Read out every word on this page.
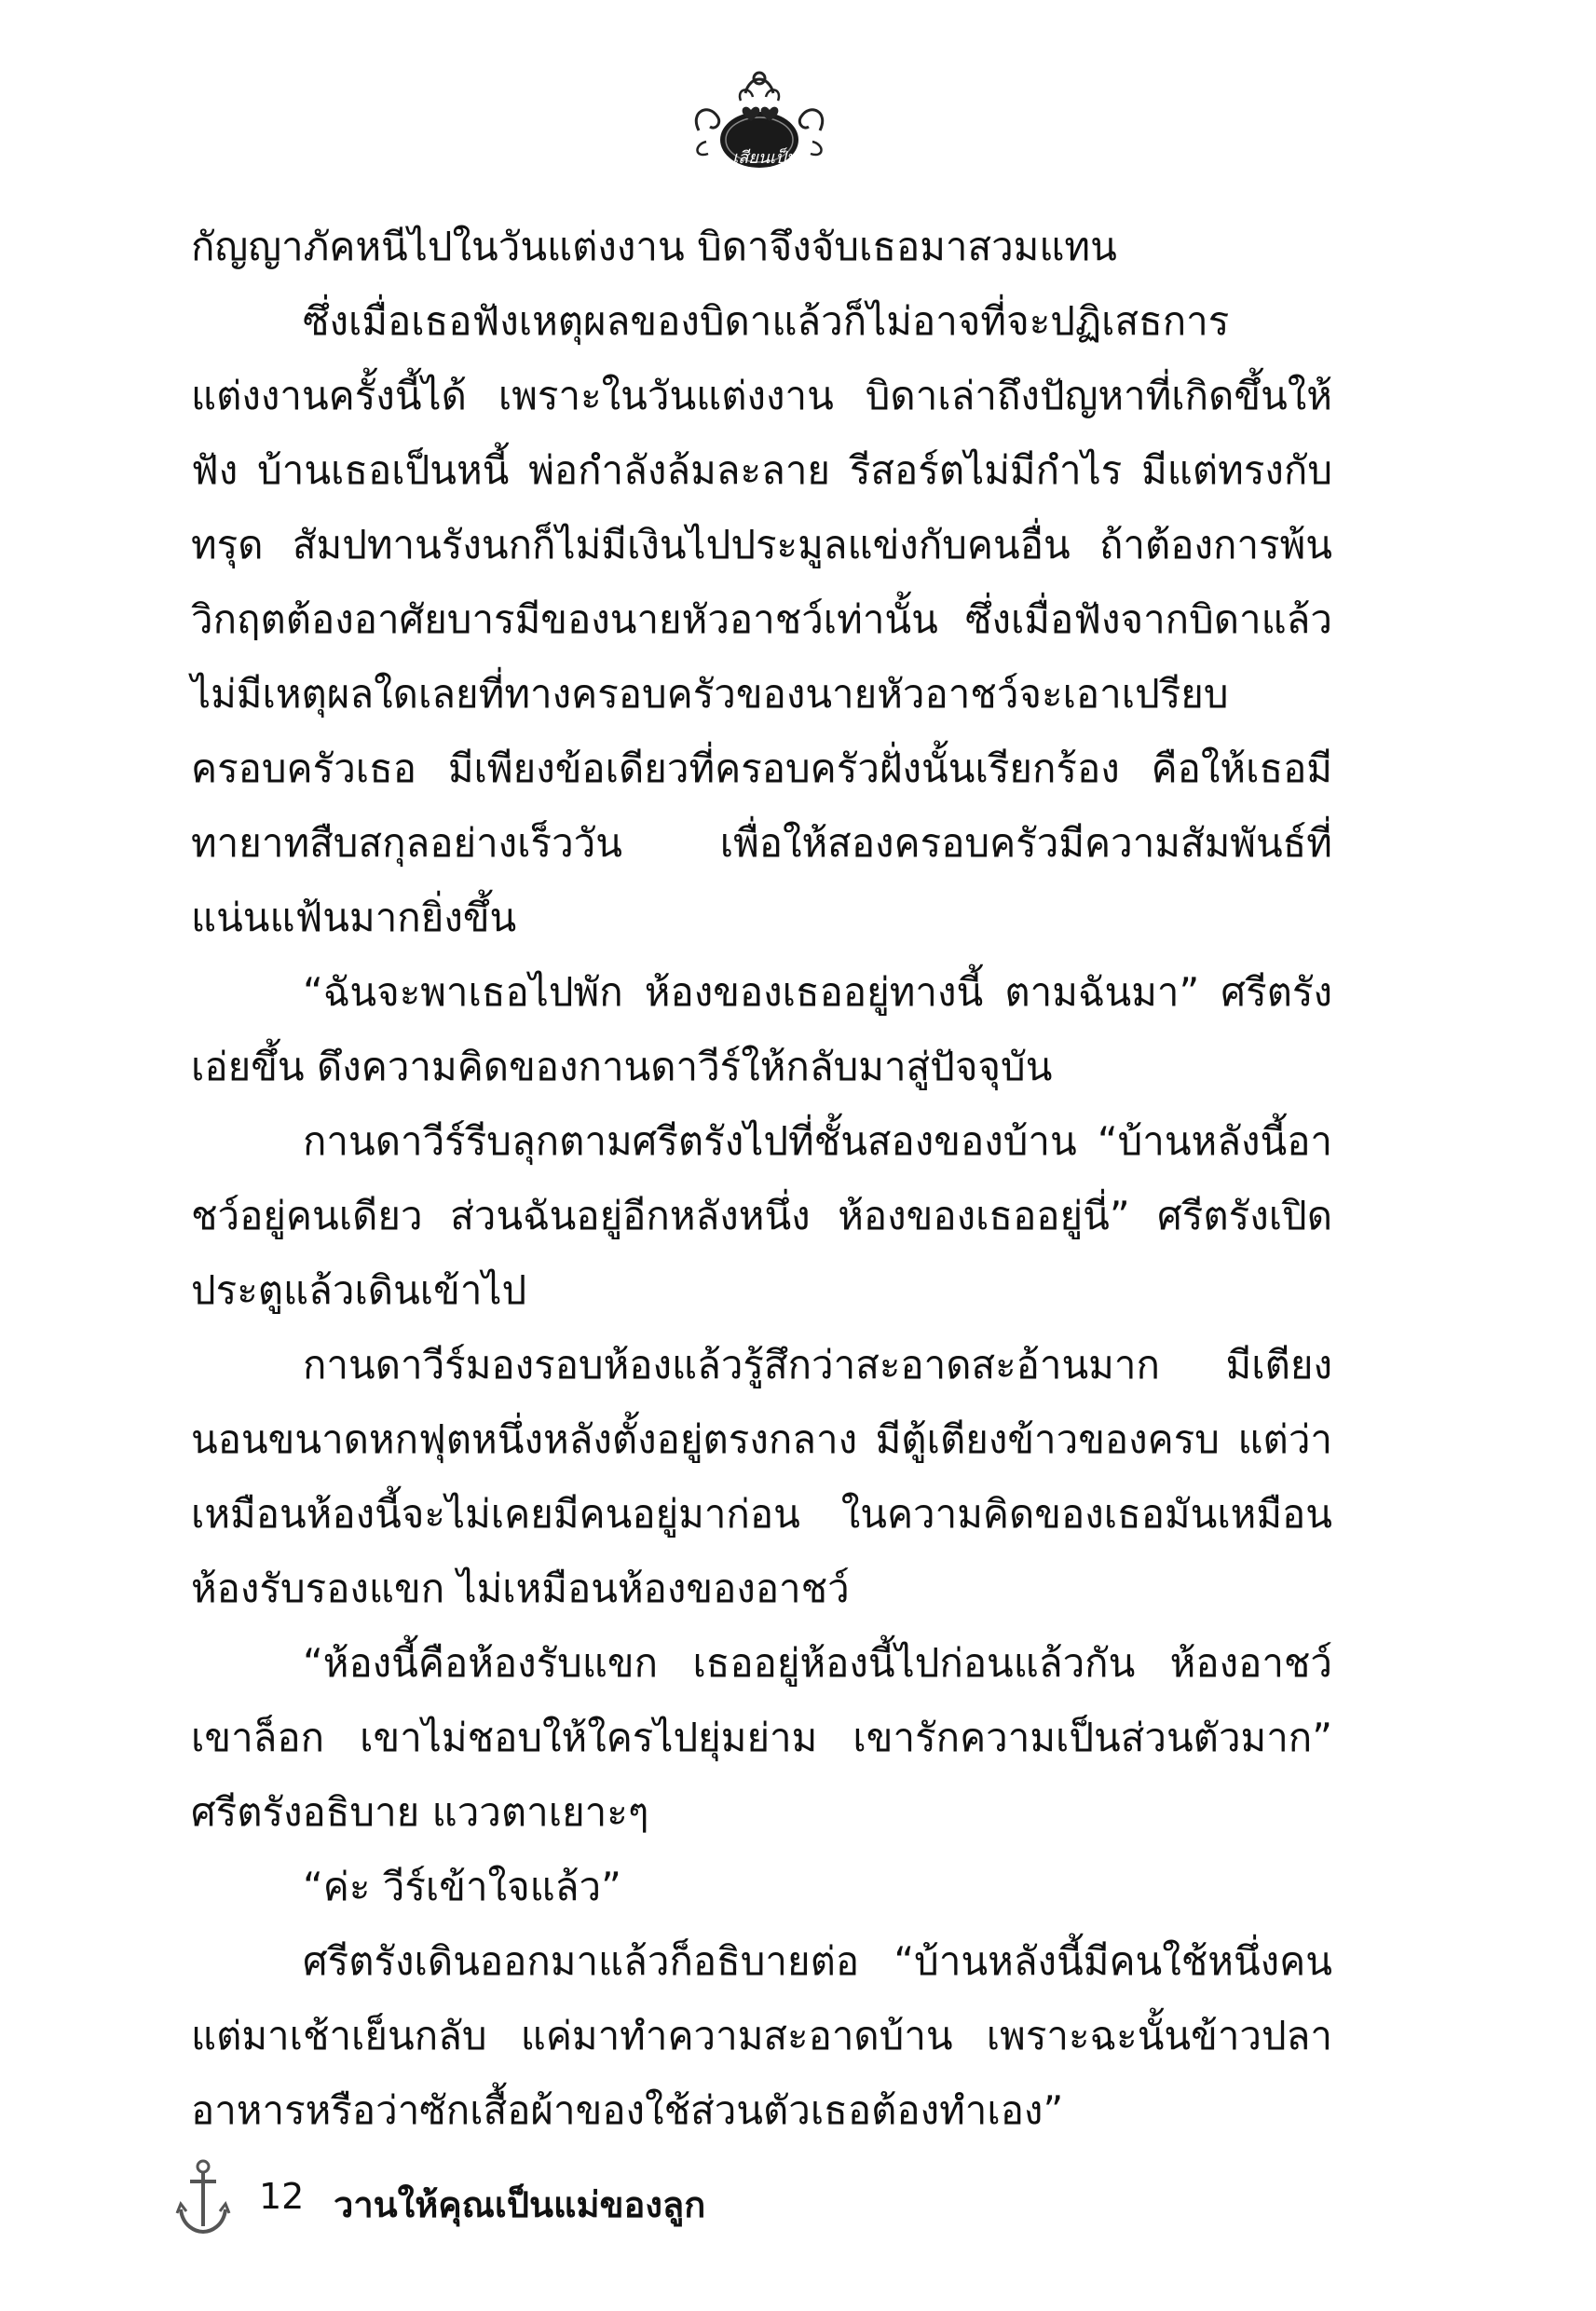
เสียนเป็น

กัญญาภัคหนีไปในวันแต่งงาน บิดาจึงจับเธอมาสวมแทน

ซึ่งเมื่อเธอฟังเหตุผลของบิดาแล้วก็ไม่อาจที่จะปฏิเสธการแต่งงานครั้งนี้ได้ เพราะในวันแต่งงาน บิดาเล่าถึงปัญหาที่เกิดขึ้นให้ฟัง บ้านเธอเป็นหนี้ พ่อกำลังล้มละลาย รีสอร์ตไม่มีกำไร มีแต่ทรงกับทรุด สัมปทานรังนกก็ไม่มีเงินไปประมูลแข่งกับคนอื่น ถ้าต้องการพ้นวิกฤตต้องอาศัยบารมีของนายหัวอาชว์เท่านั้น ซึ่งเมื่อฟังจากบิดาแล้ว ไม่มีเหตุผลใดเลยที่ทางครอบครัวของนายหัวอาชว์จะเอาเปรียบครอบครัวเธอ มีเพียงข้อเดียวที่ครอบครัวฝั่งนั้นเรียกร้อง คือให้เธอมีทายาทสืบสกุลอย่างเร็ววัน เพื่อให้สองครอบครัวมีความสัมพันธ์ที่แน่นแฟ้นมากยิ่งขึ้น

“ฉันจะพาเธอไปพัก ห้องของเธออยู่ทางนี้ ตามฉันมา” ศรีตรังเอ่ยขึ้น ดึงความคิดของกานดาวีร์ให้กลับมาสู่ปัจจุบัน

กานดาวีร์รีบลุกตามศรีตรังไปที่ชั้นสองของบ้าน “บ้านหลังนี้อาชว์อยู่คนเดียว ส่วนฉันอยู่อีกหลังหนึ่ง ห้องของเธออยู่นี่” ศรีตรังเปิดประตูแล้วเดินเข้าไป

กานดาวีร์มองรอบห้องแล้วรู้สึกว่าสะอาดสะอ้านมาก มีเตียงนอนขนาดหกฟุตหนึ่งหลังตั้งอยู่ตรงกลาง มีตู้เตียงข้าวของครบ แต่ว่าเหมือนห้องนี้จะไม่เคยมีคนอยู่มาก่อน ในความคิดของเธอมันเหมือนห้องรับรองแขก ไม่เหมือนห้องของอาชว์

“ห้องนี้คือห้องรับแขก เธออยู่ห้องนี้ไปก่อนแล้วกัน ห้องอาชว์เขาล็อก เขาไม่ชอบให้ใครไปยุ่มย่าม เขารักความเป็นส่วนตัวมาก” ศรีตรังอธิบาย แววตาเยาะๆ

“ค่ะ วีร์เข้าใจแล้ว”

ศรีตรังเดินออกมาแล้วก็อธิบายต่อ “บ้านหลังนี้มีคนใช้หนึ่งคนแต่มาเช้าเย็นกลับ แค่มาทำความสะอาดบ้าน เพราะฉะนั้นข้าวปลาอาหารหรือว่าซักเสื้อผ้าของใช้ส่วนตัวเธอต้องทำเอง”

12 วานให้คุณเป็นแม่ของลูก
